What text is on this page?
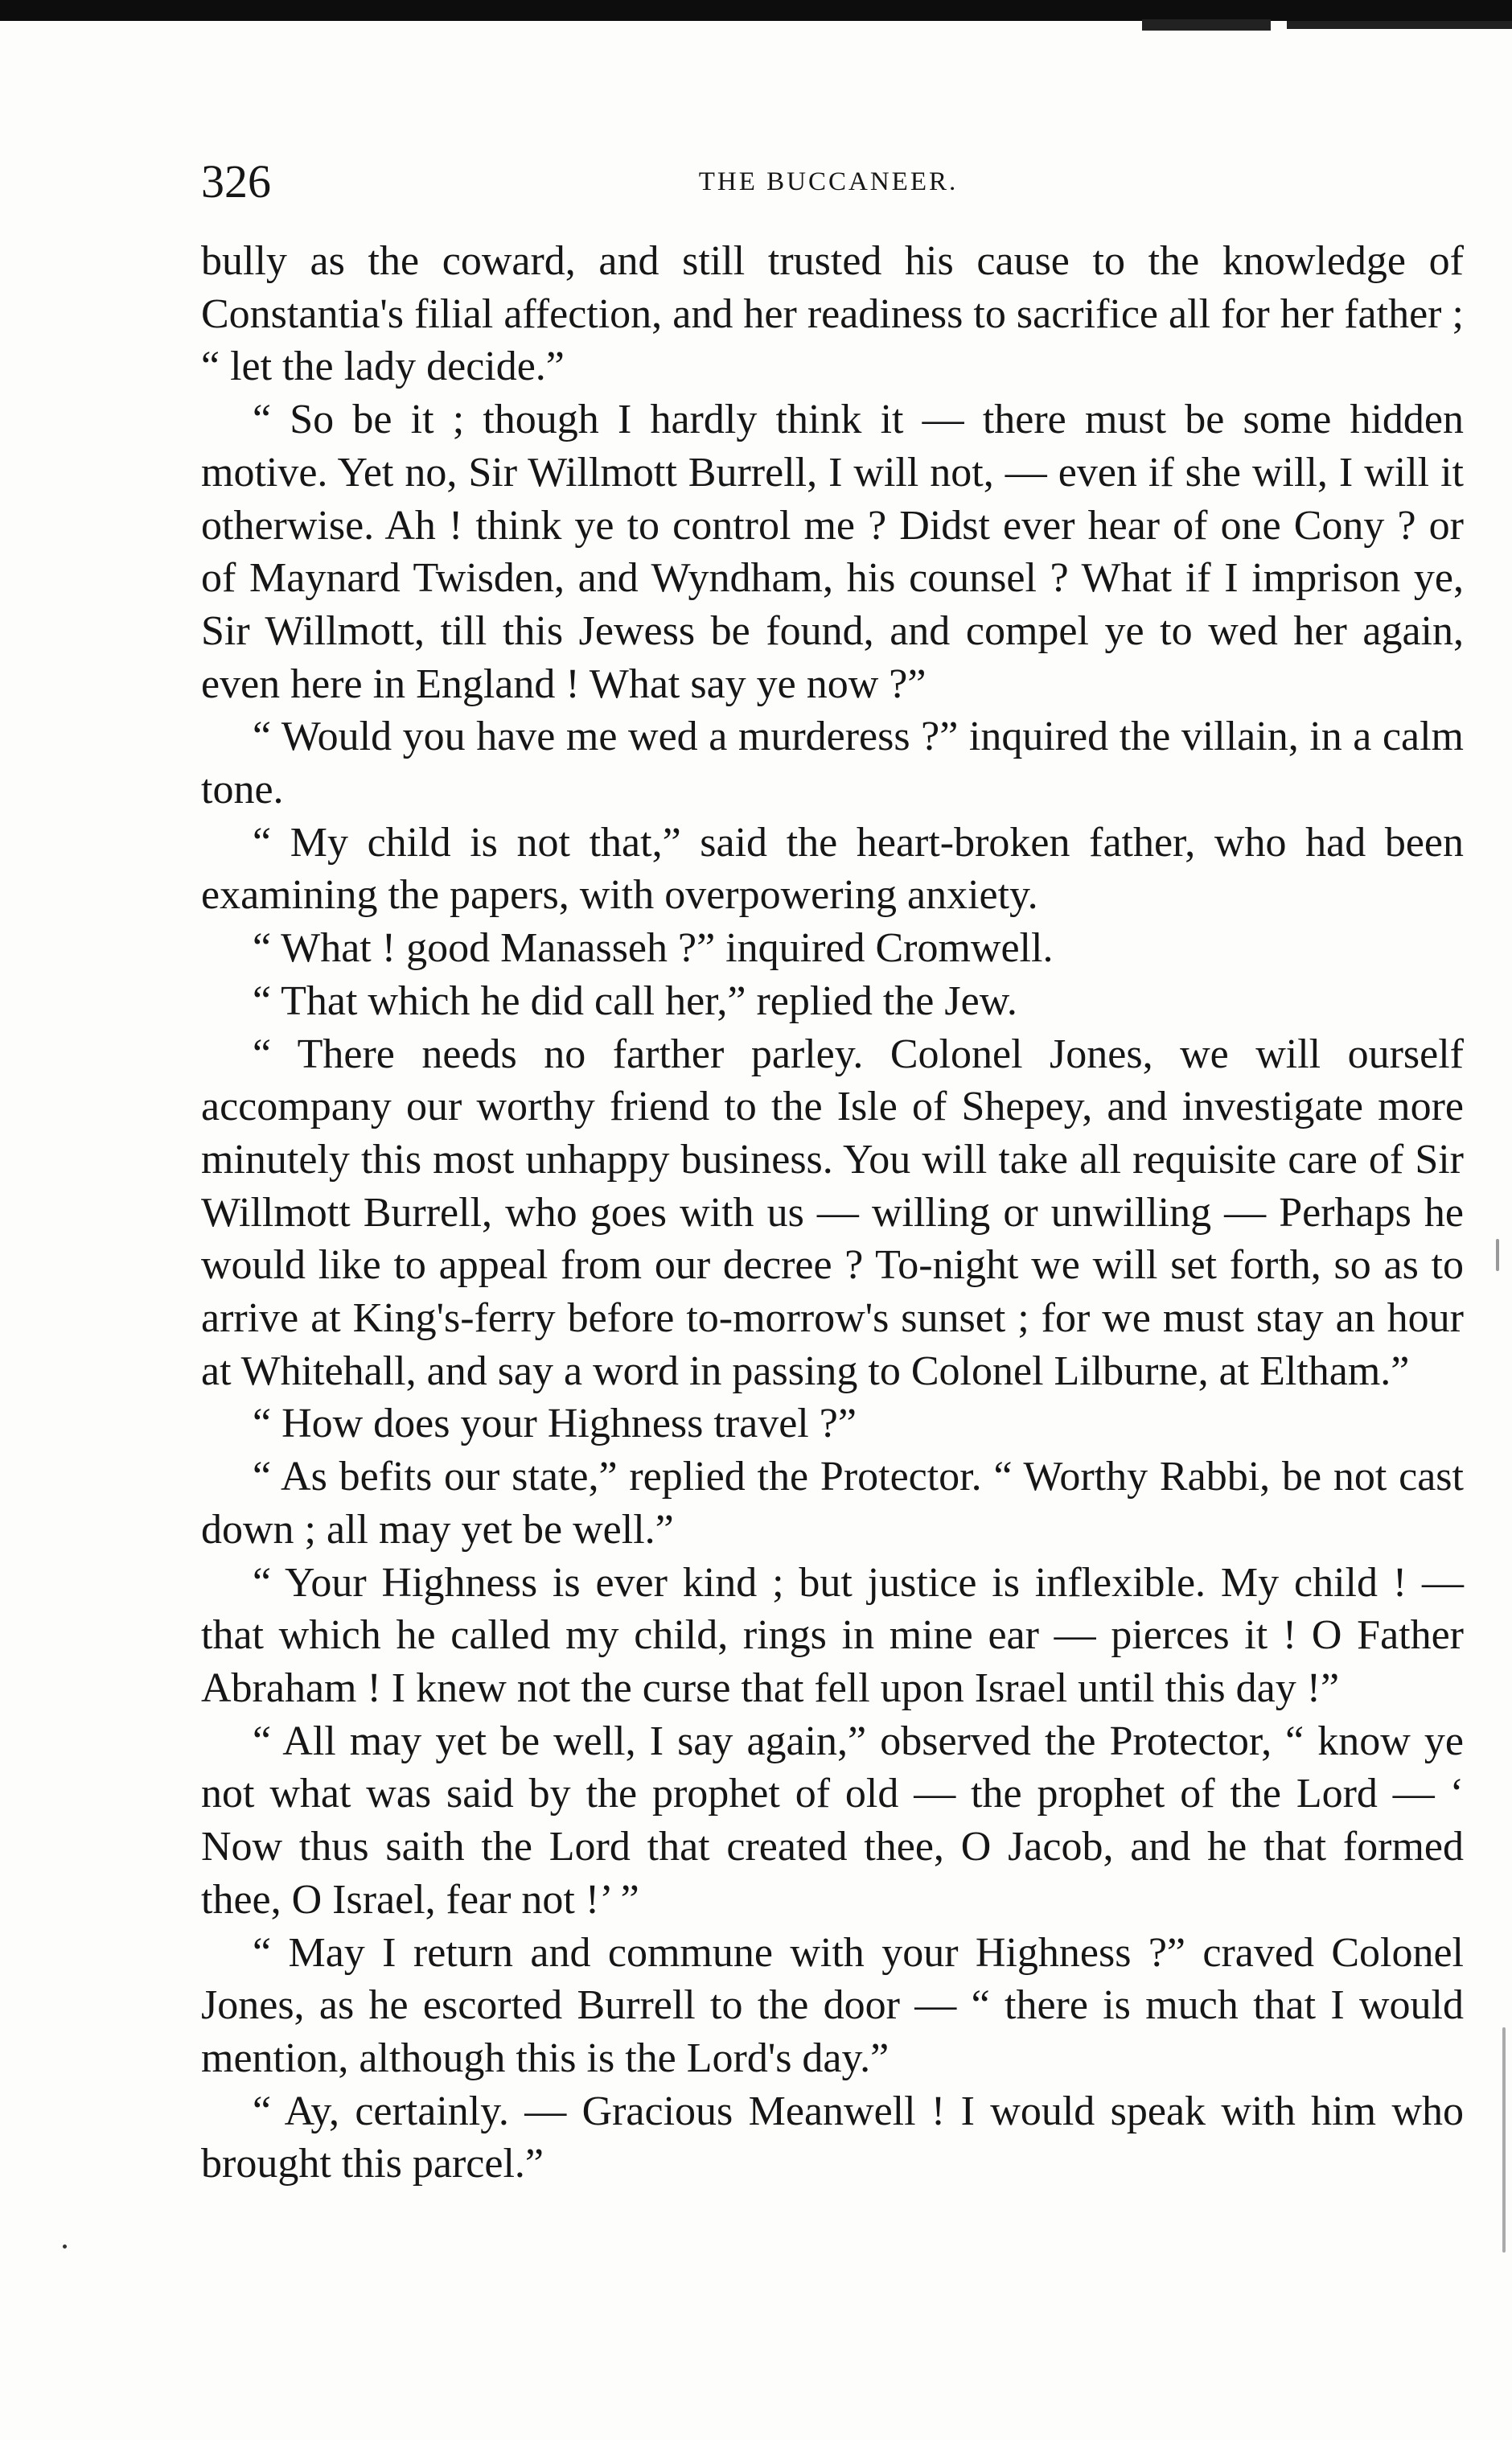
326	THE BUCCANEER.

bully as the coward, and still trusted his cause to the knowledge of Constantia's filial affection, and her readiness to sacrifice all for her father ; “ let the lady decide.”

“ So be it ; though I hardly think it — there must be some hidden motive. Yet no, Sir Willmott Burrell, I will not, — even if she will, I will it otherwise. Ah ! think ye to control me ? Didst ever hear of one Cony ? or of Maynard Twisden, and Wyndham, his counsel ? What if I imprison ye, Sir Willmott, till this Jewess be found, and compel ye to wed her again, even here in England ! What say ye now ?”

“ Would you have me wed a murderess ?” inquired the villain, in a calm tone.

“ My child is not that,” said the heart-broken father, who had been examining the papers, with overpowering anxiety.

“ What ! good Manasseh ?” inquired Cromwell.

“ That which he did call her,” replied the Jew.

“ There needs no farther parley. Colonel Jones, we will ourself accompany our worthy friend to the Isle of Shepey, and investigate more minutely this most unhappy business. You will take all requisite care of Sir Willmott Burrell, who goes with us — willing or unwilling — Perhaps he would like to appeal from our decree ? To-night we will set forth, so as to arrive at King's-ferry before to-morrow's sunset ; for we must stay an hour at Whitehall, and say a word in passing to Colonel Lilburne, at Eltham.”

“ How does your Highness travel ?”

“ As befits our state,” replied the Protector. “ Worthy Rabbi, be not cast down ; all may yet be well.”

“ Your Highness is ever kind ; but justice is inflexible. My child ! — that which he called my child, rings in mine ear — pierces it ! O Father Abraham ! I knew not the curse that fell upon Israel until this day !”

“ All may yet be well, I say again,” observed the Protector, “ know ye not what was said by the prophet of old — the prophet of the Lord — ‘ Now thus saith the Lord that created thee, O Jacob, and he that formed thee, O Israel, fear not !’ ”

“ May I return and commune with your Highness ?” craved Colonel Jones, as he escorted Burrell to the door — “ there is much that I would mention, although this is the Lord's day.”

“ Ay, certainly. — Gracious Meanwell ! I would speak with him who brought this parcel.”
